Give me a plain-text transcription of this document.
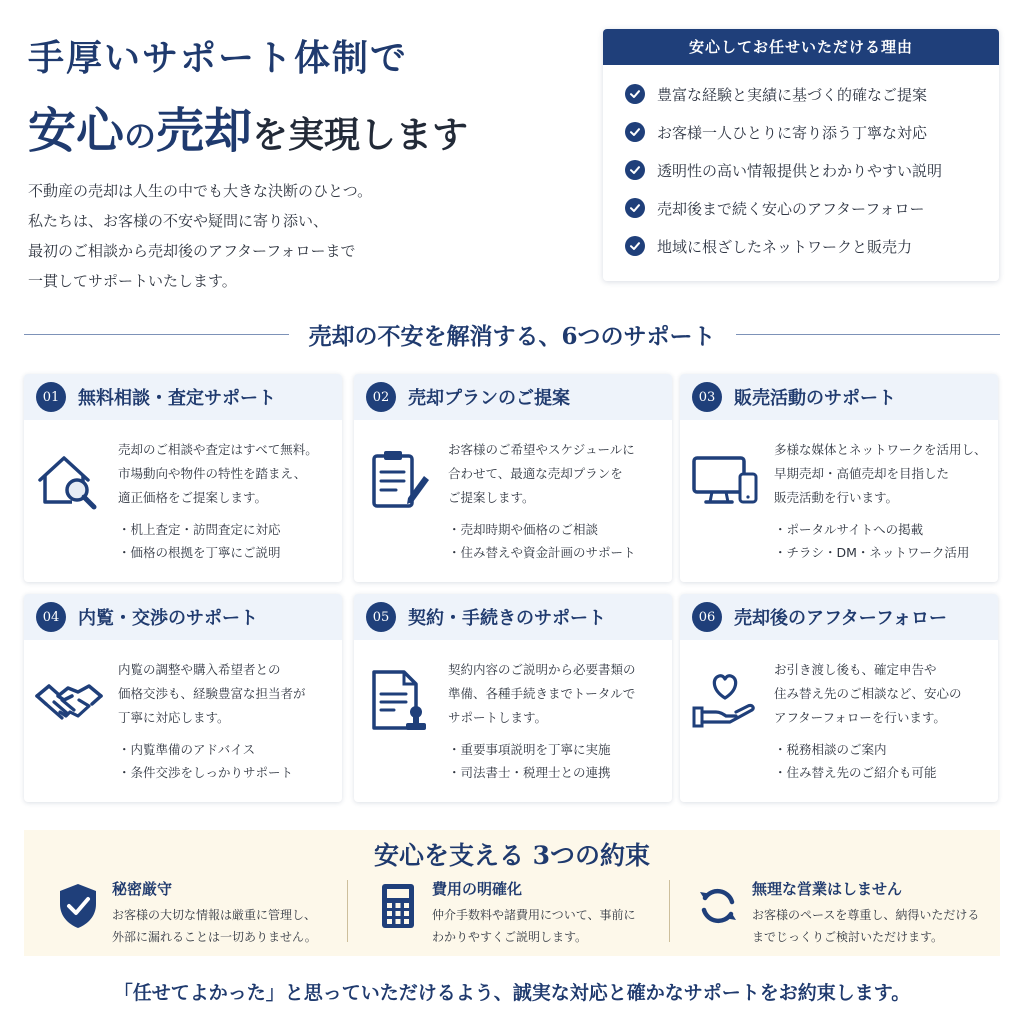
手厚いサポート体制で
安心の売却を実現します
不動産の売却は人生の中でも大きな決断のひとつ。
私たちは、お客様の不安や疑問に寄り添い、
最初のご相談から売却後のアフターフォローまで
一貫してサポートいたします。
安心してお任せいただける理由
豊富な経験と実績に基づく的確なご提案
お客様一人ひとりに寄り添う丁寧な対応
透明性の高い情報提供とわかりやすい説明
売却後まで続く安心のアフターフォロー
地域に根ざしたネットワークと販売力
売却の不安を解消する、6つのサポート
01	無料相談・査定サポート
売却のご相談や査定はすべて無料。
市場動向や物件の特性を踏まえ、
適正価格をご提案します。
・机上査定・訪問査定に対応
・価格の根拠を丁寧にご説明
02	売却プランのご提案
お客様のご希望やスケジュールに
合わせて、最適な売却プランを
ご提案します。
・売却時期や価格のご相談
・住み替えや資金計画のサポート
03	販売活動のサポート
多様な媒体とネットワークを活用し、
早期売却・高値売却を目指した
販売活動を行います。
・ポータルサイトへの掲載
・チラシ・DM・ネットワーク活用
04	内覧・交渉のサポート
内覧の調整や購入希望者との
価格交渉も、経験豊富な担当者が
丁寧に対応します。
・内覧準備のアドバイス
・条件交渉をしっかりサポート
05	契約・手続きのサポート
契約内容のご説明から必要書類の
準備、各種手続きまでトータルで
サポートします。
・重要事項説明を丁寧に実施
・司法書士・税理士との連携
06	売却後のアフターフォロー
お引き渡し後も、確定申告や
住み替え先のご相談など、安心の
アフターフォローを行います。
・税務相談のご案内
・住み替え先のご紹介も可能
安心を支える 3つの約束
秘密厳守
お客様の大切な情報は厳重に管理し、
外部に漏れることは一切ありません。
費用の明確化
仲介手数料や諸費用について、事前に
わかりやすくご説明します。
無理な営業はしません
お客様のペースを尊重し、納得いただける
までじっくりご検討いただけます。
「任せてよかった」と思っていただけるよう、誠実な対応と確かなサポートをお約束します。
